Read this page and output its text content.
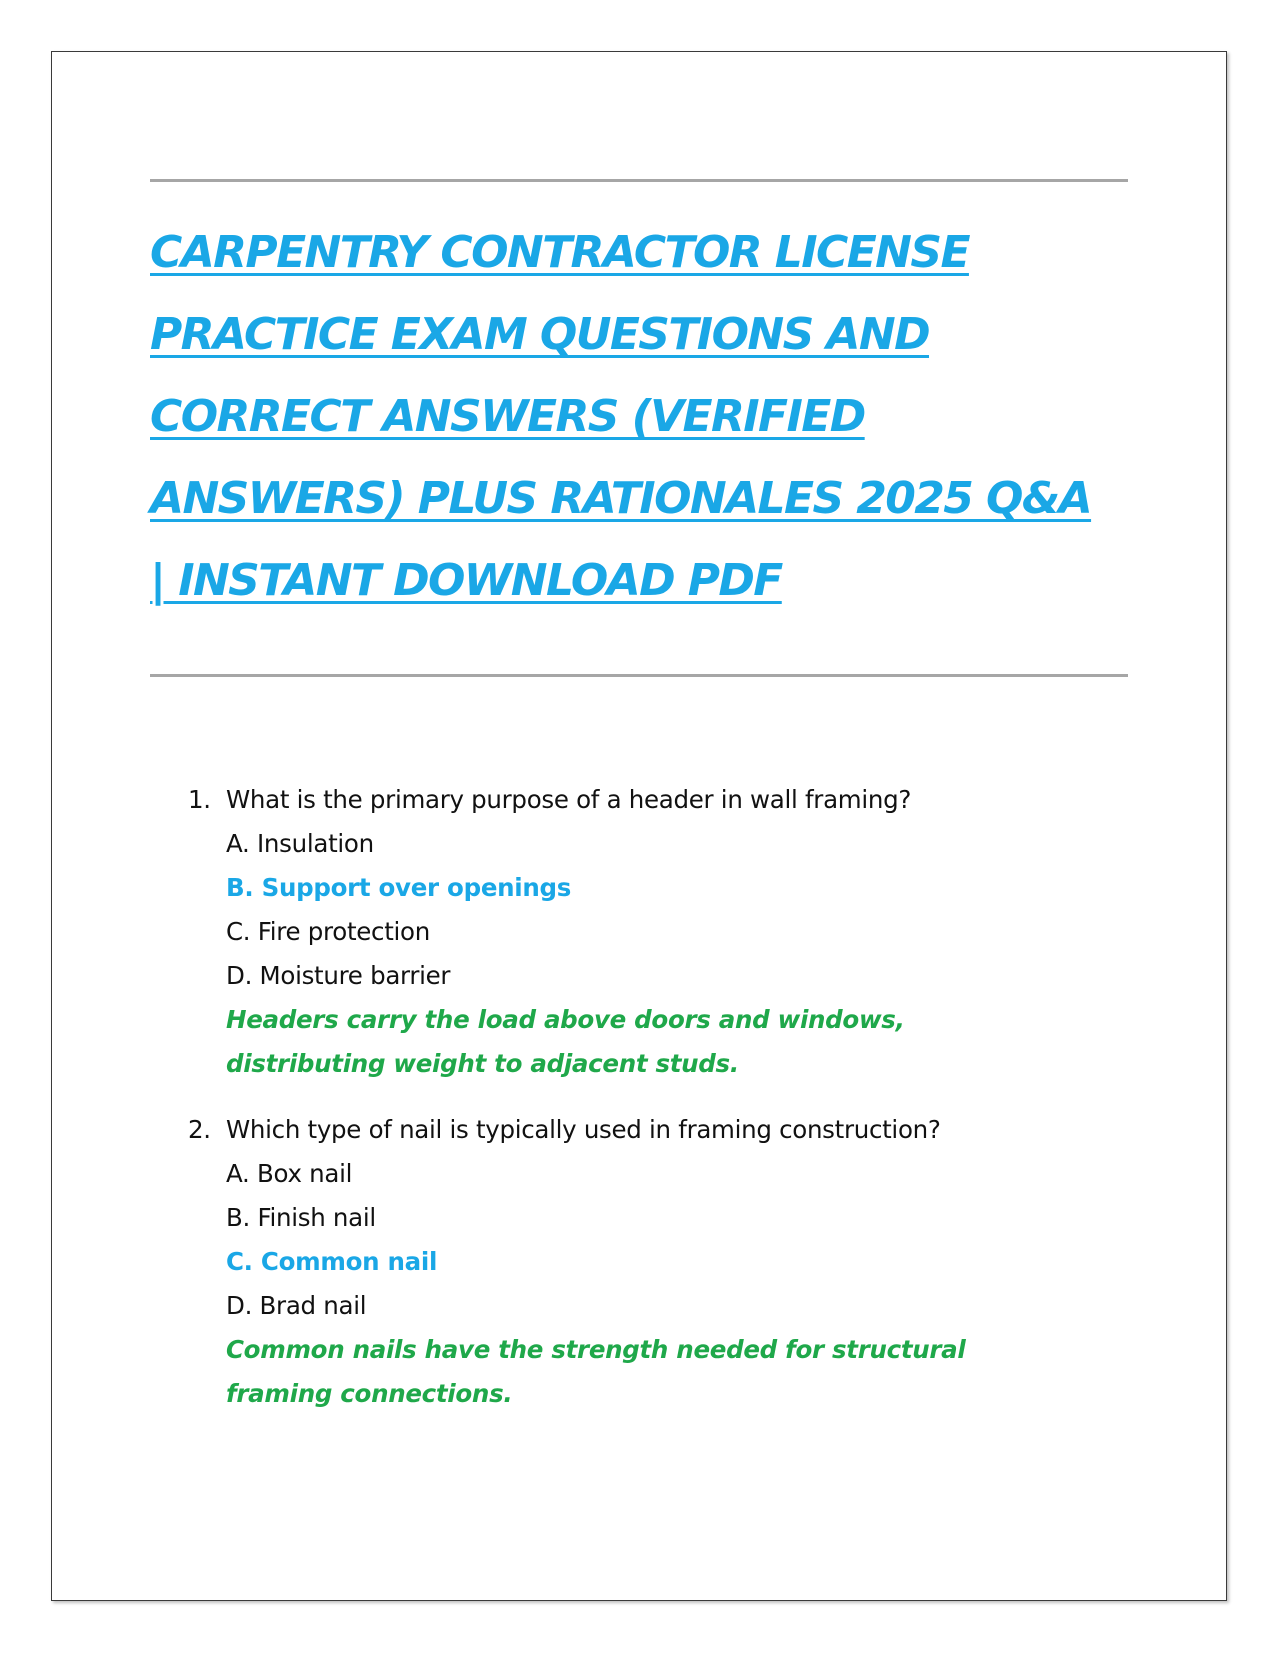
CARPENTRY CONTRACTOR LICENSE
PRACTICE EXAM QUESTIONS AND
CORRECT ANSWERS (VERIFIED
ANSWERS) PLUS RATIONALES 2025 Q&A
| INSTANT DOWNLOAD PDF
1. What is the primary purpose of a header in wall framing?
A. Insulation
B. Support over openings
C. Fire protection
D. Moisture barrier
Headers carry the load above doors and windows, distributing weight to adjacent studs.
2. Which type of nail is typically used in framing construction?
A. Box nail
B. Finish nail
C. Common nail
D. Brad nail
Common nails have the strength needed for structural framing connections.
